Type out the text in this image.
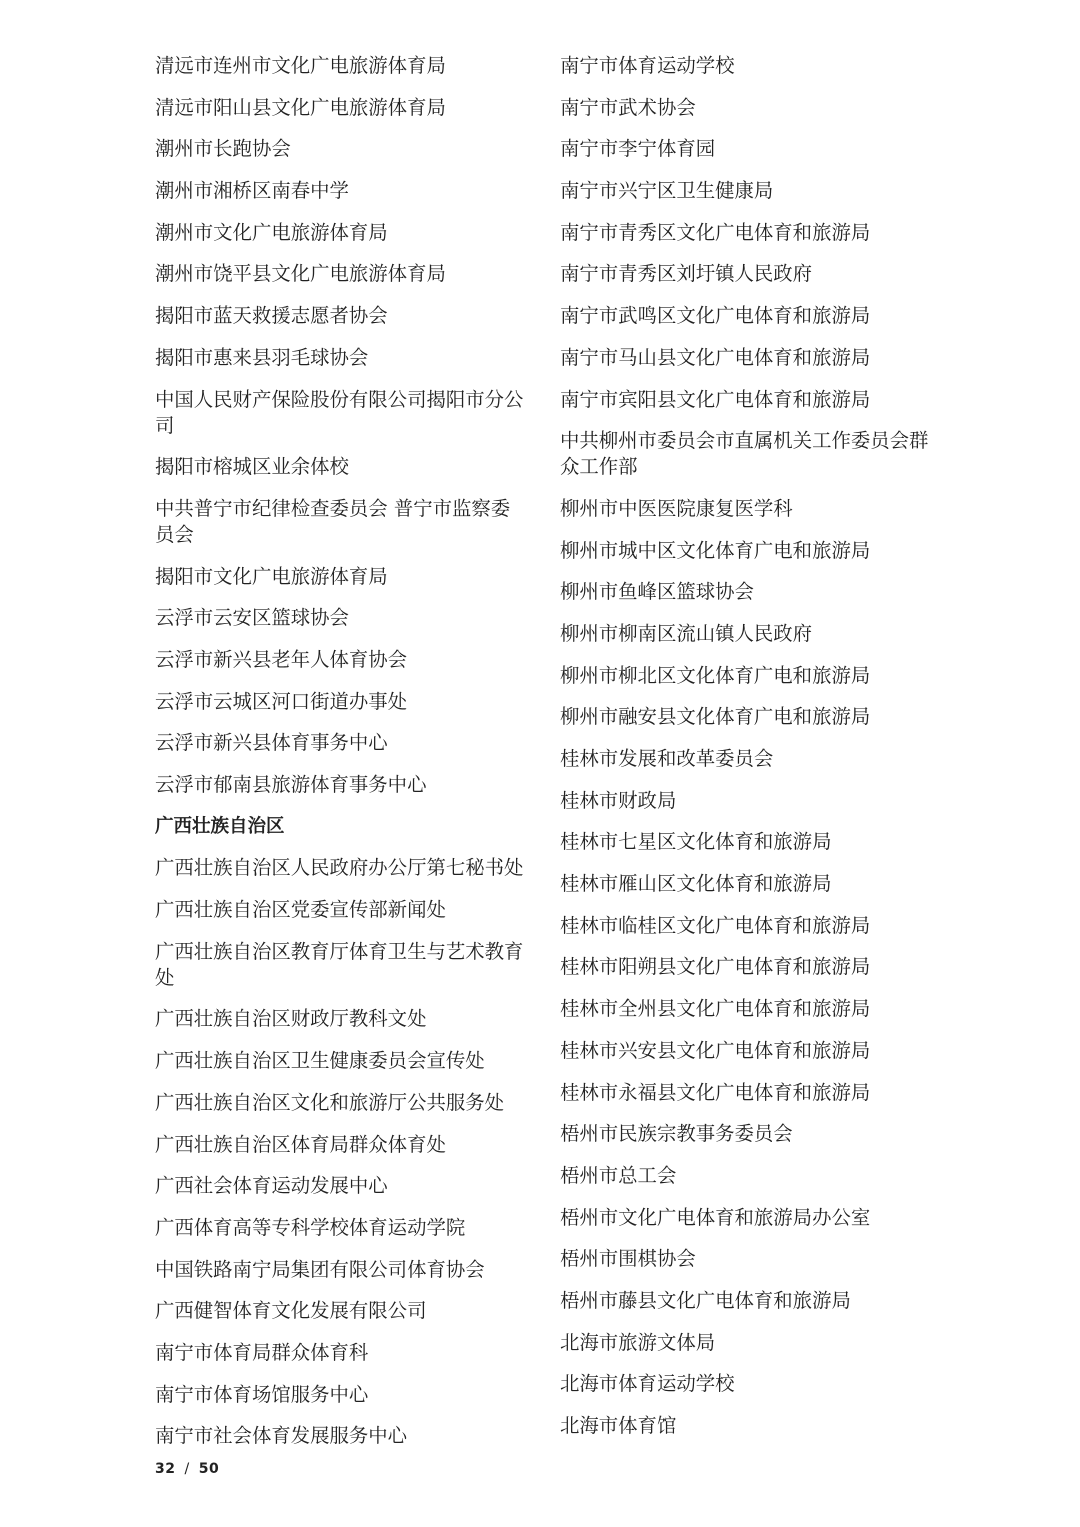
清远市连州市文化广电旅游体育局
清远市阳山县文化广电旅游体育局
潮州市长跑协会
潮州市湘桥区南春中学
潮州市文化广电旅游体育局
潮州市饶平县文化广电旅游体育局
揭阳市蓝天救援志愿者协会
揭阳市惠来县羽毛球协会
中国人民财产保险股份有限公司揭阳市分公司
揭阳市榕城区业余体校
中共普宁市纪律检查委员会 普宁市监察委员会
揭阳市文化广电旅游体育局
云浮市云安区篮球协会
云浮市新兴县老年人体育协会
云浮市云城区河口街道办事处
云浮市新兴县体育事务中心
云浮市郁南县旅游体育事务中心
广西壮族自治区
广西壮族自治区人民政府办公厅第七秘书处
广西壮族自治区党委宣传部新闻处
广西壮族自治区教育厅体育卫生与艺术教育处
广西壮族自治区财政厅教科文处
广西壮族自治区卫生健康委员会宣传处
广西壮族自治区文化和旅游厅公共服务处
广西壮族自治区体育局群众体育处
广西社会体育运动发展中心
广西体育高等专科学校体育运动学院
中国铁路南宁局集团有限公司体育协会
广西健智体育文化发展有限公司
南宁市体育局群众体育科
南宁市体育场馆服务中心
南宁市社会体育发展服务中心
南宁市体育运动学校
南宁市武术协会
南宁市李宁体育园
南宁市兴宁区卫生健康局
南宁市青秀区文化广电体育和旅游局
南宁市青秀区刘圩镇人民政府
南宁市武鸣区文化广电体育和旅游局
南宁市马山县文化广电体育和旅游局
南宁市宾阳县文化广电体育和旅游局
中共柳州市委员会市直属机关工作委员会群众工作部
柳州市中医医院康复医学科
柳州市城中区文化体育广电和旅游局
柳州市鱼峰区篮球协会
柳州市柳南区流山镇人民政府
柳州市柳北区文化体育广电和旅游局
柳州市融安县文化体育广电和旅游局
桂林市发展和改革委员会
桂林市财政局
桂林市七星区文化体育和旅游局
桂林市雁山区文化体育和旅游局
桂林市临桂区文化广电体育和旅游局
桂林市阳朔县文化广电体育和旅游局
桂林市全州县文化广电体育和旅游局
桂林市兴安县文化广电体育和旅游局
桂林市永福县文化广电体育和旅游局
梧州市民族宗教事务委员会
梧州市总工会
梧州市文化广电体育和旅游局办公室
梧州市围棋协会
梧州市藤县文化广电体育和旅游局
北海市旅游文体局
北海市体育运动学校
北海市体育馆
32 / 50
